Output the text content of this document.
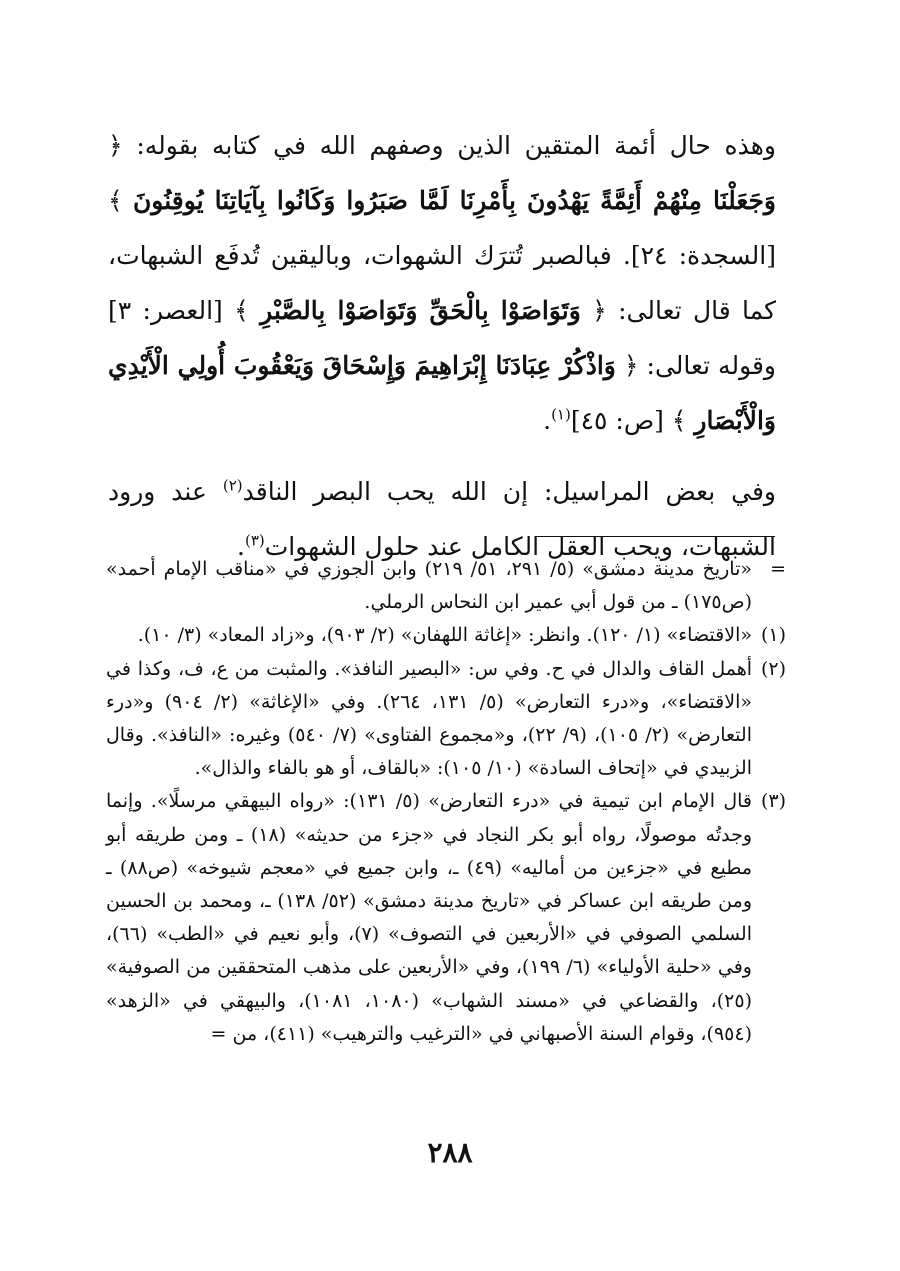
وهذه حال أئمة المتقين الذين وصفهم الله في كتابه بقوله: ﴿ وَجَعَلْنَا مِنْهُمْ أَئِمَّةً يَهْدُونَ بِأَمْرِنَا لَمَّا صَبَرُوا وَكَانُوا بِآيَاتِنَا يُوقِنُونَ ﴾ [السجدة: ٢٤]. فبالصبر تُترَك الشهوات، وباليقين تُدفَع الشبهات، كما قال تعالى: ﴿ وَتَوَاصَوْا بِالْحَقِّ وَتَوَاصَوْا بِالصَّبْرِ ﴾ [العصر: ٣] وقوله تعالى: ﴿ وَاذْكُرْ عِبَادَنَا إِبْرَاهِيمَ وَإِسْحَاقَ وَيَعْقُوبَ أُولِي الْأَيْدِي وَالْأَبْصَارِ ﴾ [ص: ٤٥]$^{(١)}$.

وفي بعض المراسيل: إن الله يحب البصر الناقد$^{(٢)}$ عند ورود الشبهات، ويحب العقل الكامل عند حلول الشهوات$^{(٣)}$.

=
«تاريخ مدينة دمشق» (٥/ ٢٩١، ٥١/ ٢١٩) وابن الجوزي في «مناقب الإمام أحمد» (ص١٧٥) ـ من قول أبي عمير ابن النحاس الرملي.
(١)
«الاقتضاء» (١/ ١٢٠). وانظر: «إغاثة اللهفان» (٢/ ٩٠٣)، و«زاد المعاد» (٣/ ١٠).
(٢)
أهمل القاف والدال في ح. وفي س: «البصير النافذ». والمثبت من ع، ف، وكذا في «الاقتضاء»، و«درء التعارض» (٥/ ١٣١، ٢٦٤). وفي «الإغاثة» (٢/ ٩٠٤) و«درء التعارض» (٢/ ١٠٥)، (٩/ ٢٢)، و«مجموع الفتاوى» (٧/ ٥٤٠) وغيره: «النافذ». وقال الزبيدي في «إتحاف السادة» (١٠/ ١٠٥): «بالقاف، أو هو بالفاء والذال».
(٣)
قال الإمام ابن تيمية في «درء التعارض» (٥/ ١٣١): «رواه البيهقي مرسلًا». وإنما وجدتُه موصولًا، رواه أبو بكر النجاد في «جزء من حديثه» (١٨) ـ ومن طريقه أبو مطيع في «جزءين من أماليه» (٤٩) ـ، وابن جميع في «معجم شيوخه» (ص٨٨) ـ ومن طريقه ابن عساكر في «تاريخ مدينة دمشق» (٥٢/ ١٣٨) ـ، ومحمد بن الحسين السلمي الصوفي في «الأربعين في التصوف» (٧)، وأبو نعيم في «الطب» (٦٦)، وفي «حلية الأولياء» (٦/ ١٩٩)، وفي «الأربعين على مذهب المتحققين من الصوفية» (٢٥)، والقضاعي في «مسند الشهاب» (١٠٨٠، ١٠٨١)، والبيهقي في «الزهد» (٩٥٤)، وقوام السنة الأصبهاني في «الترغيب والترهيب» (٤١١)، من =
٢٨٨
